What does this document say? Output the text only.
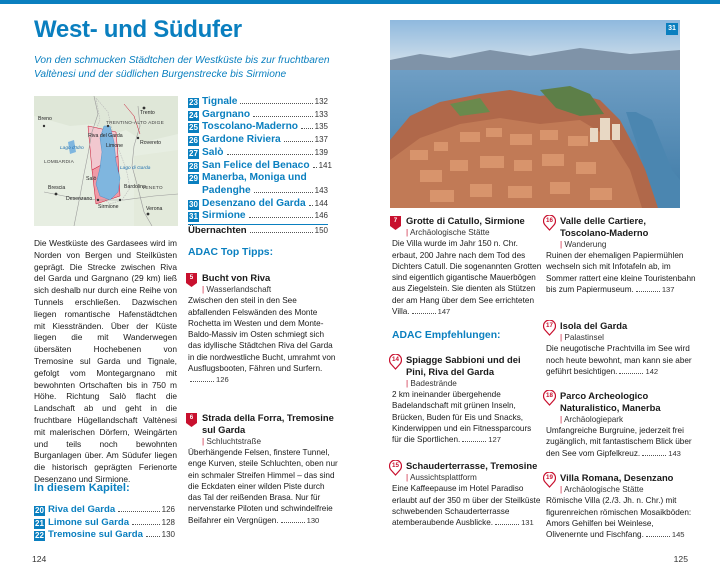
West- und Südufer

Von den schmucken Städtchen der Westküste bis zur fruchtbaren Valtènesi und der südlichen Burgenstrecke bis Sirmione

Breno
Trento
TRENTINO-ALTO ADIGE
Riva del Garda
Limone	Rovereto
LOMBARDIA
Lago d'Idro
Lago di Garda
Salò
Bardolino
VENETO
Brescia
Desenzano
Sirmione	Verona
23 Tignale	132
24 Gargnano	133
25 Toscolano-Maderno 135
26 Gardone Riviera	137
27 Salò	139
28 San Felice del Benaco 141
29 Manerba, Moniga und
Padenghe	143
30 Desenzano del Garda 144
31 Sirmione	146
Übernachten	150

Die Westküste des Gardasees wird im Norden von Bergen und Steilküsten geprägt. Die Strecke zwischen Riva del Garda und Gargnano (29 km) ließ sich deshalb nur durch eine Reihe von Tunnels erschließen. Dazwischen liegen romantische Hafenstädtchen mit Kiesstränden. Über der Küste liegen die mit Wanderwegen übersäten Hochebenen von Tremosine sul Garda und Tignale, gefolgt vom Montegargnano mit bewohnten Ortschaften bis in 750 m Höhe. Richtung Salò flacht die Landschaft ab und geht in die fruchtbare Hügellandschaft Valtènesi mit malerischen Dörfern, Weingärten und teils noch bewohnten Burganlagen über. Am Südufer liegen die historisch geprägten Ferienorte Desenzano und Sirmione.

In diesem Kapitel:
20 Riva del Garda	126
21 Limone sul Garda	128
22 Tremosine sul Garda 130
124	125
31
ADAC Top Tipps:
5 Bucht von Riva
| Wasserlandschaft
Zwischen den steil in den See abfallenden Felswänden des Monte Rochetta im Westen und dem Monte-Baldo-Massiv im Osten schmiegt sich das idyllische Städtchen Riva del Garda in die nordwestliche Bucht, umrahmt von Ausflugsbooten, Fähren und Surfern.126
6 Strada della Forra, Tremosine sul Garda
| Schluchtstraße
Überhängende Felsen, finstere Tunnel, enge Kurven, steile Schluchten, oben nur ein schmaler Streifen Himmel – das sind die Eckdaten einer wilden Piste durch das Tal der reißenden Brasa. Nur für nervenstarke Piloten und schwindelfreie Beifahrer ein Vergnügen.	130
7 Grotte di Catullo, Sirmione
| Archäologische Stätte
Die Villa wurde im Jahr 150 n. Chr. erbaut, 200 Jahre nach dem Tod des Dichters Catull. Die sogenannten Grotten sind eigentlich gigantische Mauerbögen aus Ziegelstein. Sie dienten als Stützen der am Hang über dem See errichteten Villa.	147
ADAC Empfehlungen:
14 Spiagge Sabbioni und dei Pini, Riva del Garda
| Badestrände
2 km ineinander übergehende Badelandschaft mit grünen Inseln, Brücken, Buden für Eis und Snacks, Kinderwippen und ein Fitnessparcours für die Sportlichen.	127
15 Schauderterrasse, Tremosine
| Aussichtsplattform
Eine Kaffeepause im Hotel Paradiso erlaubt auf der 350 m über der Steilküste schwebenden Schauderterrasse atemberaubende Ausblicke.	131
16 Valle delle Cartiere, Toscolano-Maderno
| Wanderung
Ruinen der ehemaligen Papiermühlen wechseln sich mit Infotafeln ab, im Sommer rattert eine kleine Touristenbahn bis zum Papiermuseum.	137
17 Isola del Garda
| Palastinsel
Die neugotische Prachtvilla im See wird noch heute bewohnt, man kann sie aber geführt besichtigen.	142
18 Parco Archeologico Naturalistico, Manerba
| Archäologiepark
Umfangreiche Burgruine, jederzeit frei zugänglich, mit fantastischem Blick über den See vom Gipfelkreuz.	143
19 Villa Romana, Desenzano
| Archäologische Stätte
Römische Villa (2./3. Jh. n. Chr.) mit figurenreichen römischen Mosaikböden: Amors Gehilfen bei Weinlese, Olivenernte und Fischfang.	145
